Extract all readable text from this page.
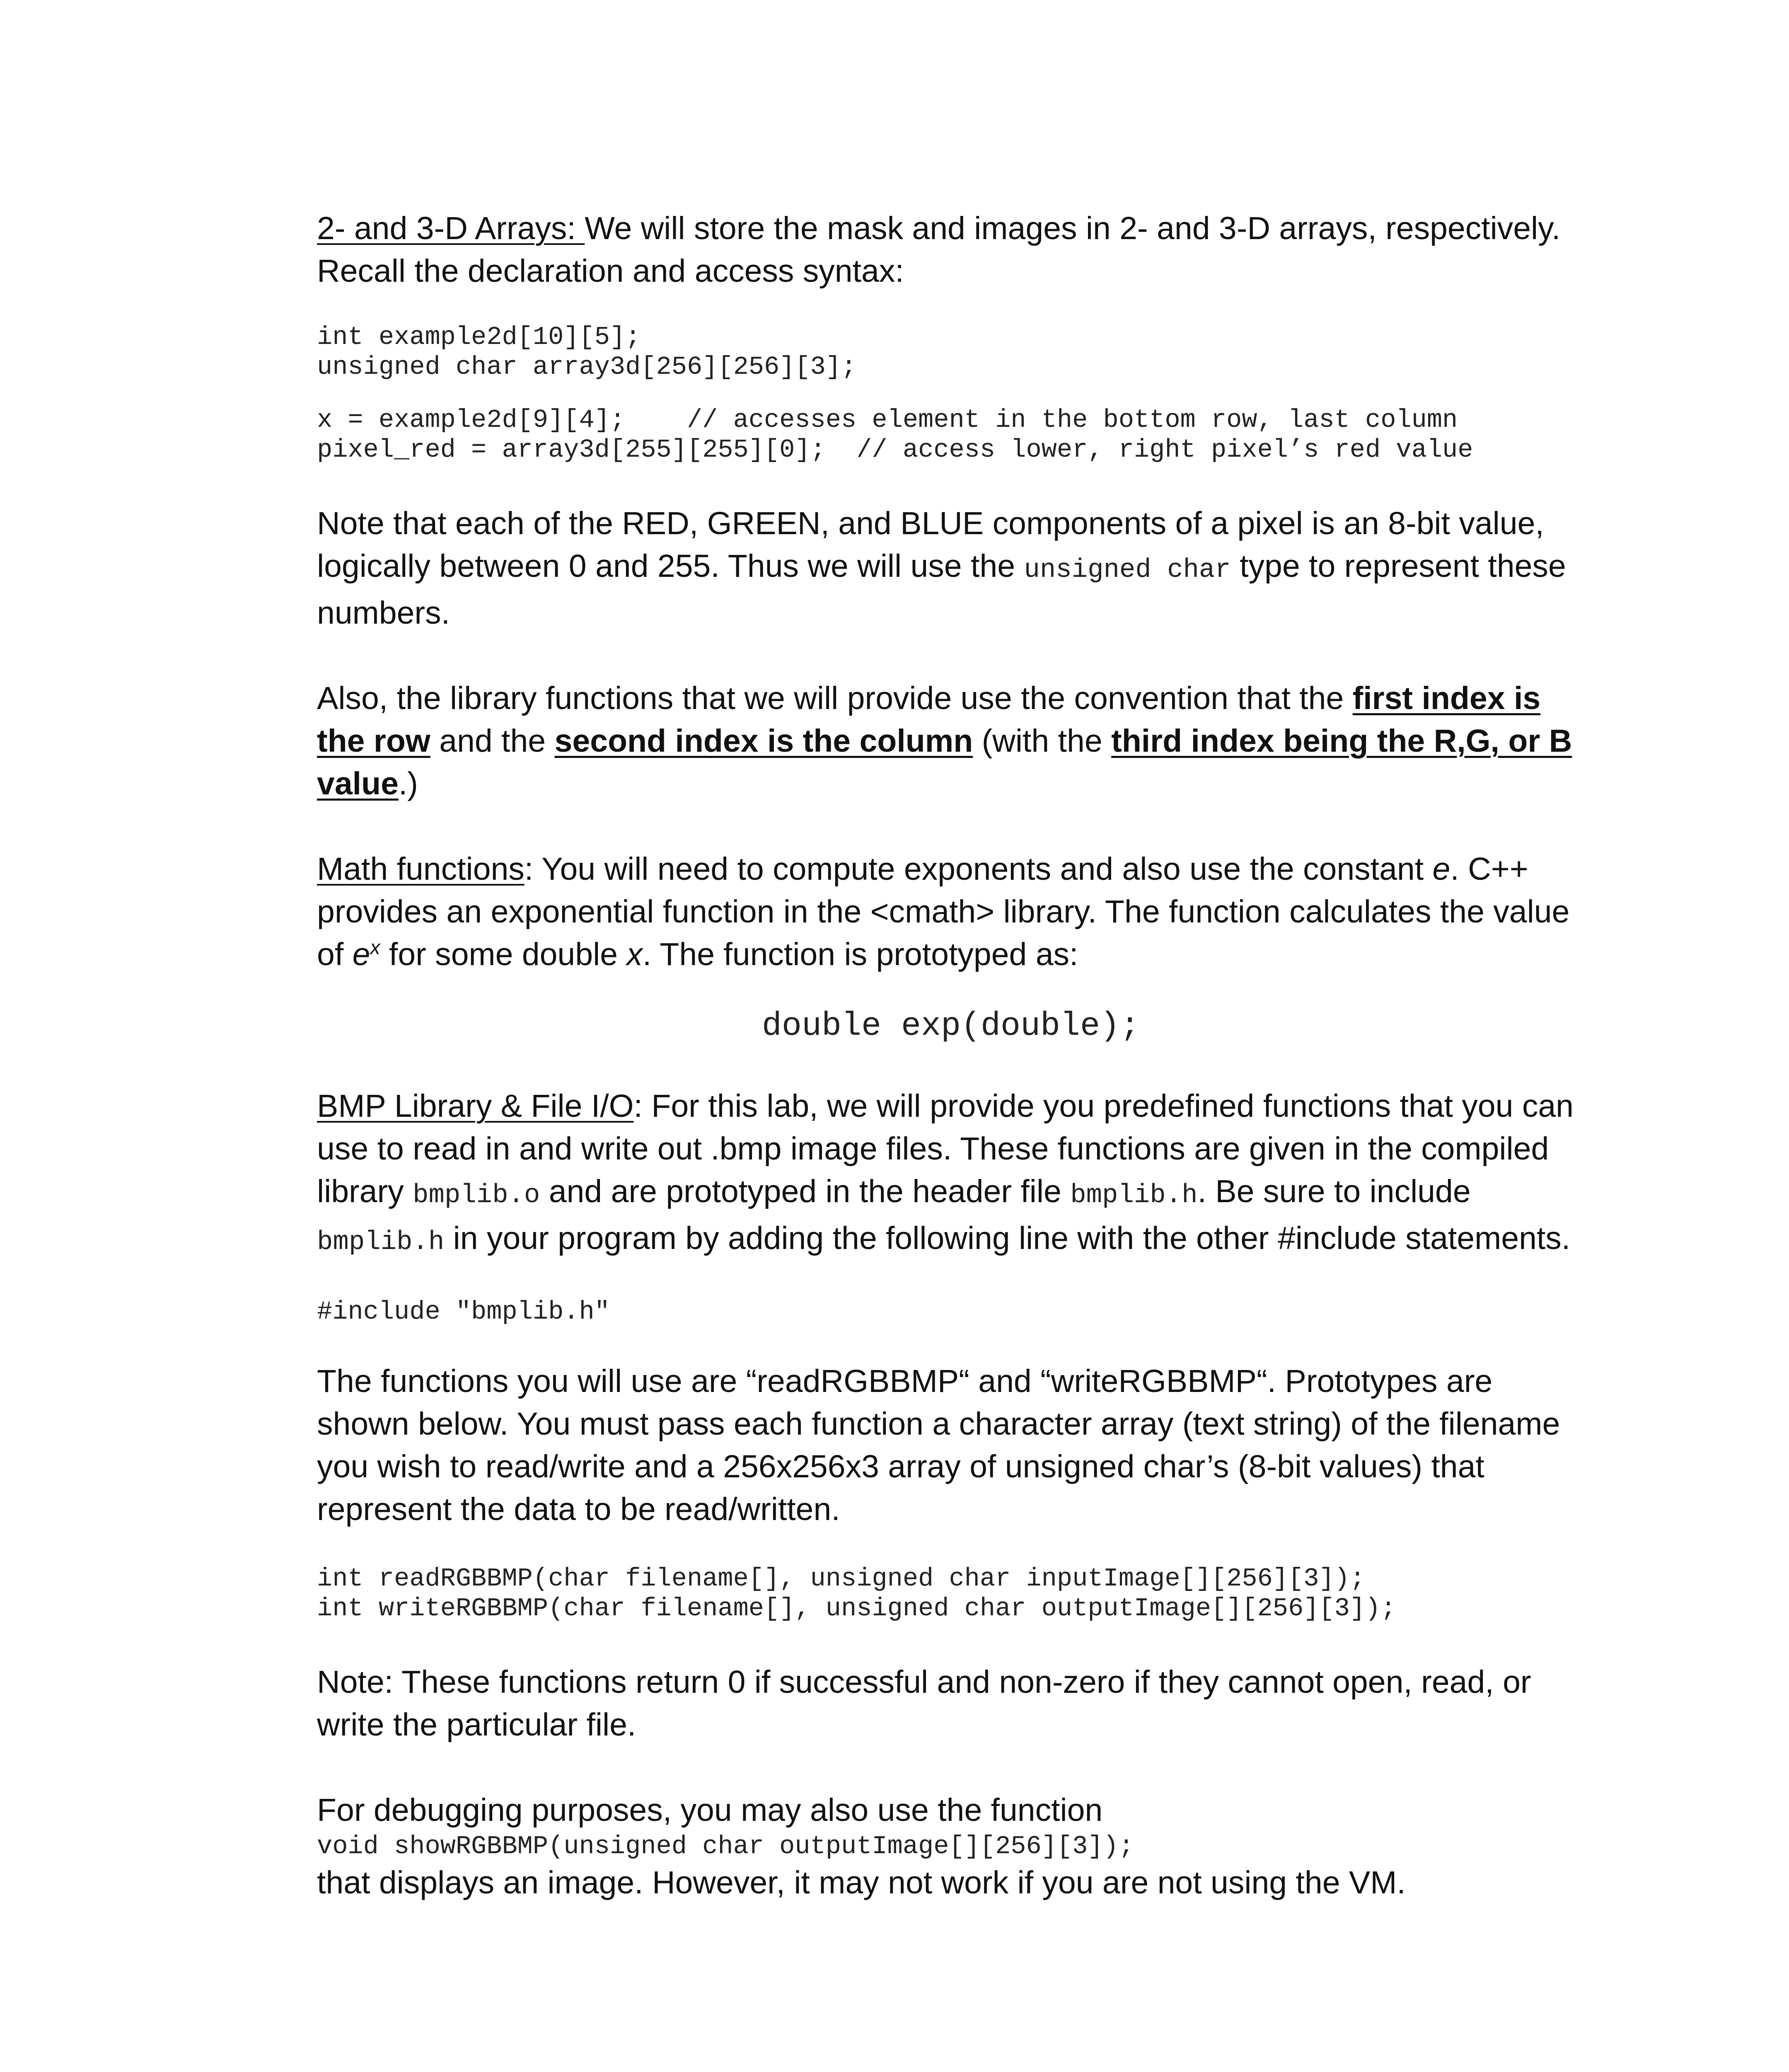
2- and 3-D Arrays: We will store the mask and images in 2- and 3-D arrays, respectively. Recall the declaration and access syntax:

int example2d[10][5];
unsigned char array3d[256][256][3];
x = example2d[9][4];    // accesses element in the bottom row, last column
pixel_red = array3d[255][255][0];  // access lower, right pixel’s red value

Note that each of the RED, GREEN, and BLUE components of a pixel is an 8-bit value, logically between 0 and 255. Thus we will use the unsigned char type to represent these numbers.

Also, the library functions that we will provide use the convention that the first index is the row and the second index is the column (with the third index being the R,G, or B value.)

Math functions: You will need to compute exponents and also use the constant e. C++ provides an exponential function in the <cmath> library. The function calculates the value of $e^x$ for some double x. The function is prototyped as:

double exp(double);

BMP Library & File I/O: For this lab, we will provide you predefined functions that you can use to read in and write out .bmp image files. These functions are given in the compiled library bmplib.o and are prototyped in the header file bmplib.h. Be sure to include bmplib.h in your program by adding the following line with the other #include statements.

#include "bmplib.h"

The functions you will use are “readRGBBMP“ and “writeRGBBMP“. Prototypes are shown below. You must pass each function a character array (text string) of the filename you wish to read/write and a 256x256x3 array of unsigned char’s (8-bit values) that represent the data to be read/written.

int readRGBBMP(char filename[], unsigned char inputImage[][256][3]);
int writeRGBBMP(char filename[], unsigned char outputImage[][256][3]);

Note: These functions return 0 if successful and non-zero if they cannot open, read, or write the particular file.

For debugging purposes, you may also use the function

void showRGBBMP(unsigned char outputImage[][256][3]);

that displays an image. However, it may not work if you are not using the VM.
